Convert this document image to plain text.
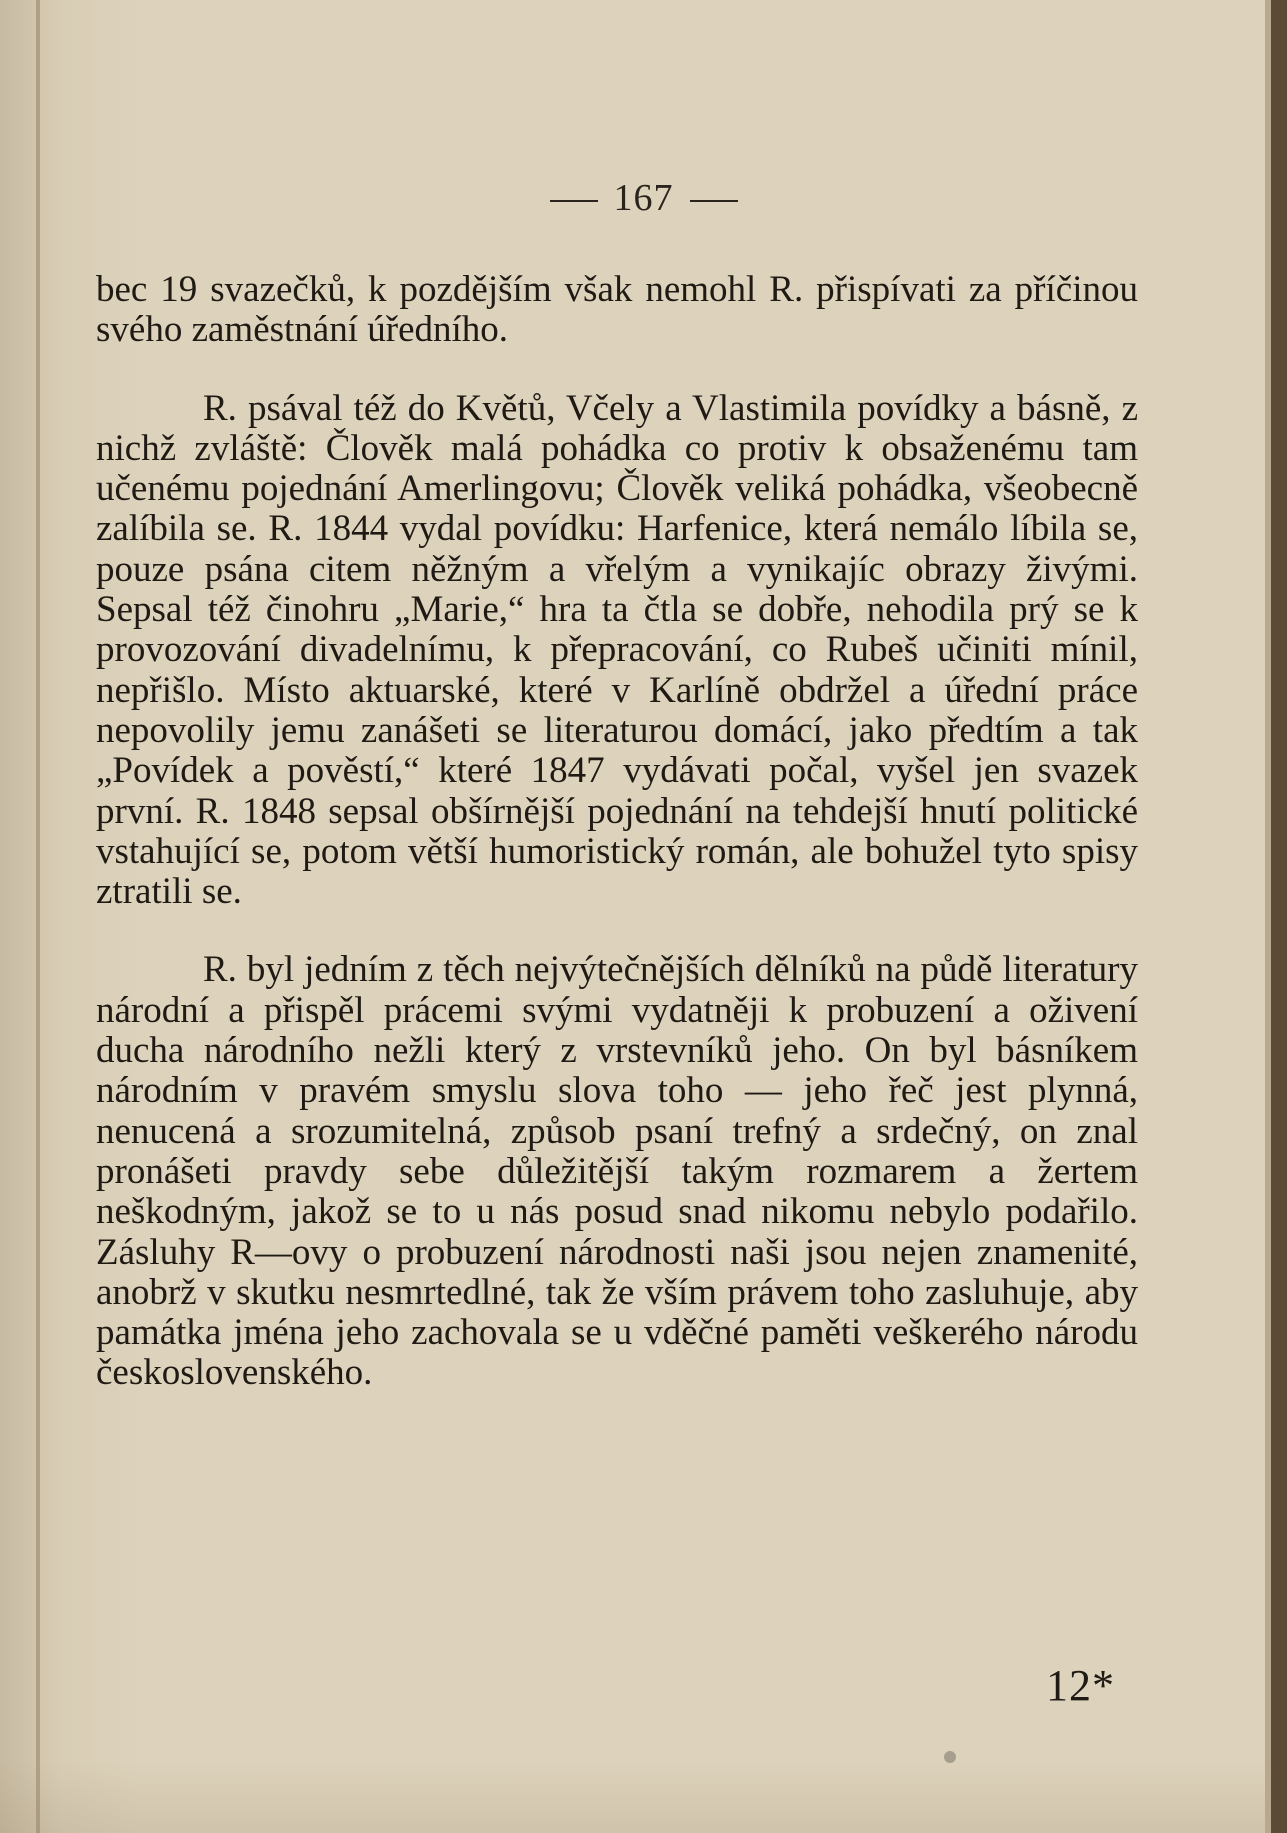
167

bec 19 svazečků, k pozdějším však nemohl R. přispívati za příčinou svého zaměstnání úředního.

R. psával též do Květů, Včely a Vlastimila povídky a básně, z nichž zvláště: Člověk malá pohádka co protiv k obsaženému tam učenému pojednání Amerlingovu; Člověk veliká pohádka, všeobecně zalíbila se. R. 1844 vydal povídku: Harfenice, která nemálo líbila se, pouze psána citem něžným a vřelým a vynikajíc obrazy živými. Sepsal též činohru „Marie,“ hra ta čtla se dobře, nehodila prý se k provozování divadelnímu, k přepracování, co Rubeš učiniti mínil, nepřišlo. Místo aktuarské, které v Karlíně obdržel a úřední práce nepovolily jemu zanášeti se literaturou domácí, jako předtím a tak „Povídek a pověstí,“ které 1847 vydávati počal, vyšel jen svazek první. R. 1848 sepsal obšírnější pojednání na tehdejší hnutí politické vstahující se, potom větší humoristický román, ale bohužel tyto spisy ztratili se.

R. byl jedním z těch nejvýtečnějších dělníků na půdě literatury národní a přispěl prácemi svými vydatněji k probuzení a oživení ducha národního nežli který z vrstevníků jeho. On byl básníkem národním v pravém smyslu slova toho — jeho řeč jest plynná, nenucená a srozumitelná, způsob psaní trefný a srdečný, on znal pronášeti pravdy sebe důležitější takým rozmarem a žertem neškodným, jakož se to u nás posud snad nikomu nebylo podařilo. Zásluhy R—ovy o probuzení národnosti naši jsou nejen znamenité, anobrž v skutku nesmrtedlné, tak že vším právem toho zasluhuje, aby památka jména jeho zachovala se u vděčné paměti veškerého národu československého.

12*
